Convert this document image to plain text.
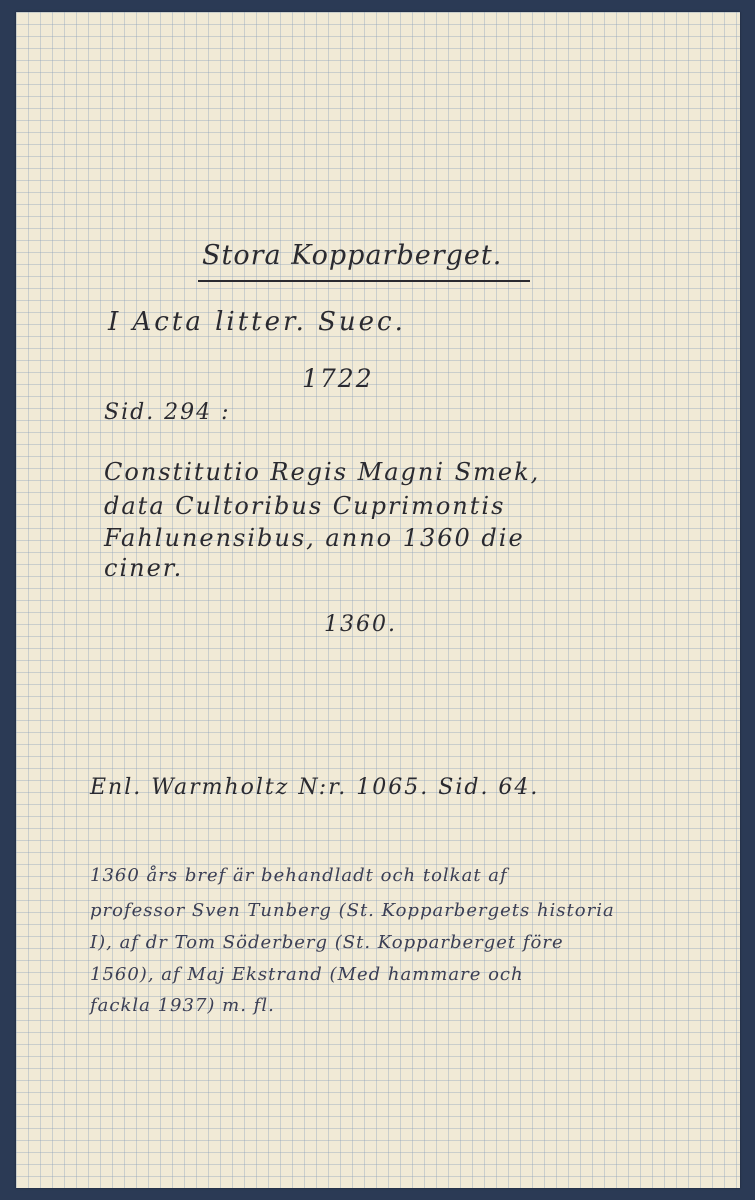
Stora Kopparberget.
I Acta litter. Suec.
1722
Sid. 294 :
Constitutio Regis Magni Smek,
data Cultoribus Cuprimontis
Fahlunensibus, anno 1360 die
ciner.
1360.
Enl. Warmholtz N:r. 1065. Sid. 64.
1360 års bref är behandladt och tolkat af
professor Sven Tunberg (St. Kopparbergets historia
I), af dr Tom Söderberg (St. Kopparberget före
1560), af Maj Ekstrand (Med hammare och
fackla 1937) m. fl.
